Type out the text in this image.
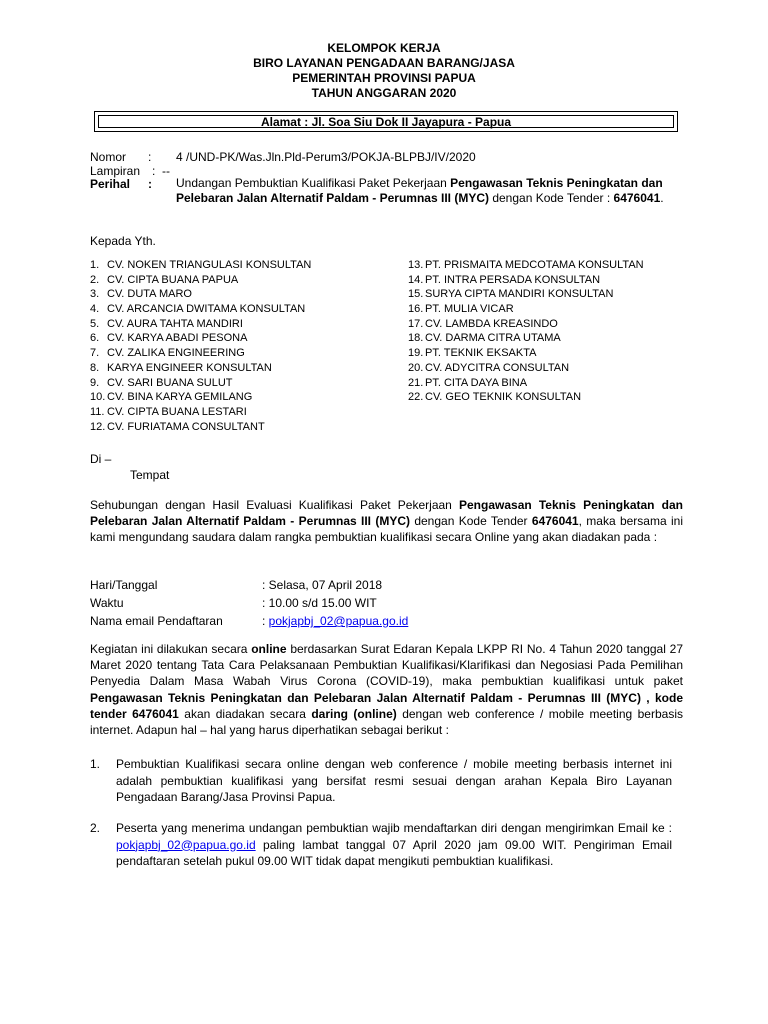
KELOMPOK KERJA
BIRO LAYANAN PENGADAAN BARANG/JASA
PEMERINTAH PROVINSI PAPUA
TAHUN ANGGARAN 2020
Alamat : Jl. Soa Siu Dok II Jayapura - Papua
Nomor : 4 /UND-PK/Was.Jln.Pld-Perum3/POKJA-BLPBJ/IV/2020
Lampiran : --
Perihal : Undangan Pembuktian Kualifikasi Paket Pekerjaan Pengawasan Teknis Peningkatan dan Pelebaran Jalan Alternatif Paldam - Perumnas III (MYC) dengan Kode Tender : 6476041.
Kepada Yth.
1. CV. NOKEN TRIANGULASI KONSULTAN
2. CV. CIPTA BUANA PAPUA
3. CV. DUTA MARO
4. CV. ARCANCIA DWITAMA KONSULTAN
5. CV. AURA TAHTA MANDIRI
6. CV. KARYA ABADI PESONA
7. CV. ZALIKA ENGINEERING
8. KARYA ENGINEER KONSULTAN
9. CV. SARI BUANA SULUT
10. CV. BINA KARYA GEMILANG
11. CV. CIPTA BUANA LESTARI
12. CV. FURIATAMA CONSULTANT
13. PT. PRISMAITA MEDCOTAMA KONSULTAN
14. PT. INTRA PERSADA KONSULTAN
15. SURYA CIPTA MANDIRI KONSULTAN
16. PT. MULIA VICAR
17. CV. LAMBDA KREASINDO
18. CV. DARMA CITRA UTAMA
19. PT. TEKNIK EKSAKTA
20. CV. ADYCITRA CONSULTAN
21. PT. CITA DAYA BINA
22. CV. GEO TEKNIK KONSULTAN
Di –
Tempat
Sehubungan dengan Hasil Evaluasi Kualifikasi Paket Pekerjaan Pengawasan Teknis Peningkatan dan Pelebaran Jalan Alternatif Paldam - Perumnas III (MYC) dengan Kode Tender 6476041, maka bersama ini kami mengundang saudara dalam rangka pembuktian kualifikasi secara Online yang akan diadakan pada :
Hari/Tanggal	: Selasa, 07 April 2018
Waktu	: 10.00 s/d 15.00 WIT
Nama email Pendaftaran	: pokjapbj_02@papua.go.id
Kegiatan ini dilakukan secara online berdasarkan Surat Edaran Kepala LKPP RI No. 4 Tahun 2020 tanggal 27 Maret 2020 tentang Tata Cara Pelaksanaan Pembuktian Kualifikasi/Klarifikasi dan Negosiasi Pada Pemilihan Penyedia Dalam Masa Wabah Virus Corona (COVID-19), maka pembuktian kualifikasi untuk paket Pengawasan Teknis Peningkatan dan Pelebaran Jalan Alternatif Paldam - Perumnas III (MYC) , kode tender 6476041 akan diadakan secara daring (online) dengan web conference / mobile meeting berbasis internet. Adapun hal – hal yang harus diperhatikan sebagai berikut :
1. Pembuktian Kualifikasi secara online dengan web conference / mobile meeting berbasis internet ini adalah pembuktian kualifikasi yang bersifat resmi sesuai dengan arahan Kepala Biro Layanan Pengadaan Barang/Jasa Provinsi Papua.
2. Peserta yang menerima undangan pembuktian wajib mendaftarkan diri dengan mengirimkan Email ke : pokjapbj_02@papua.go.id paling lambat tanggal 07 April 2020 jam 09.00 WIT. Pengiriman Email pendaftaran setelah pukul 09.00 WIT tidak dapat mengikuti pembuktian kualifikasi.
